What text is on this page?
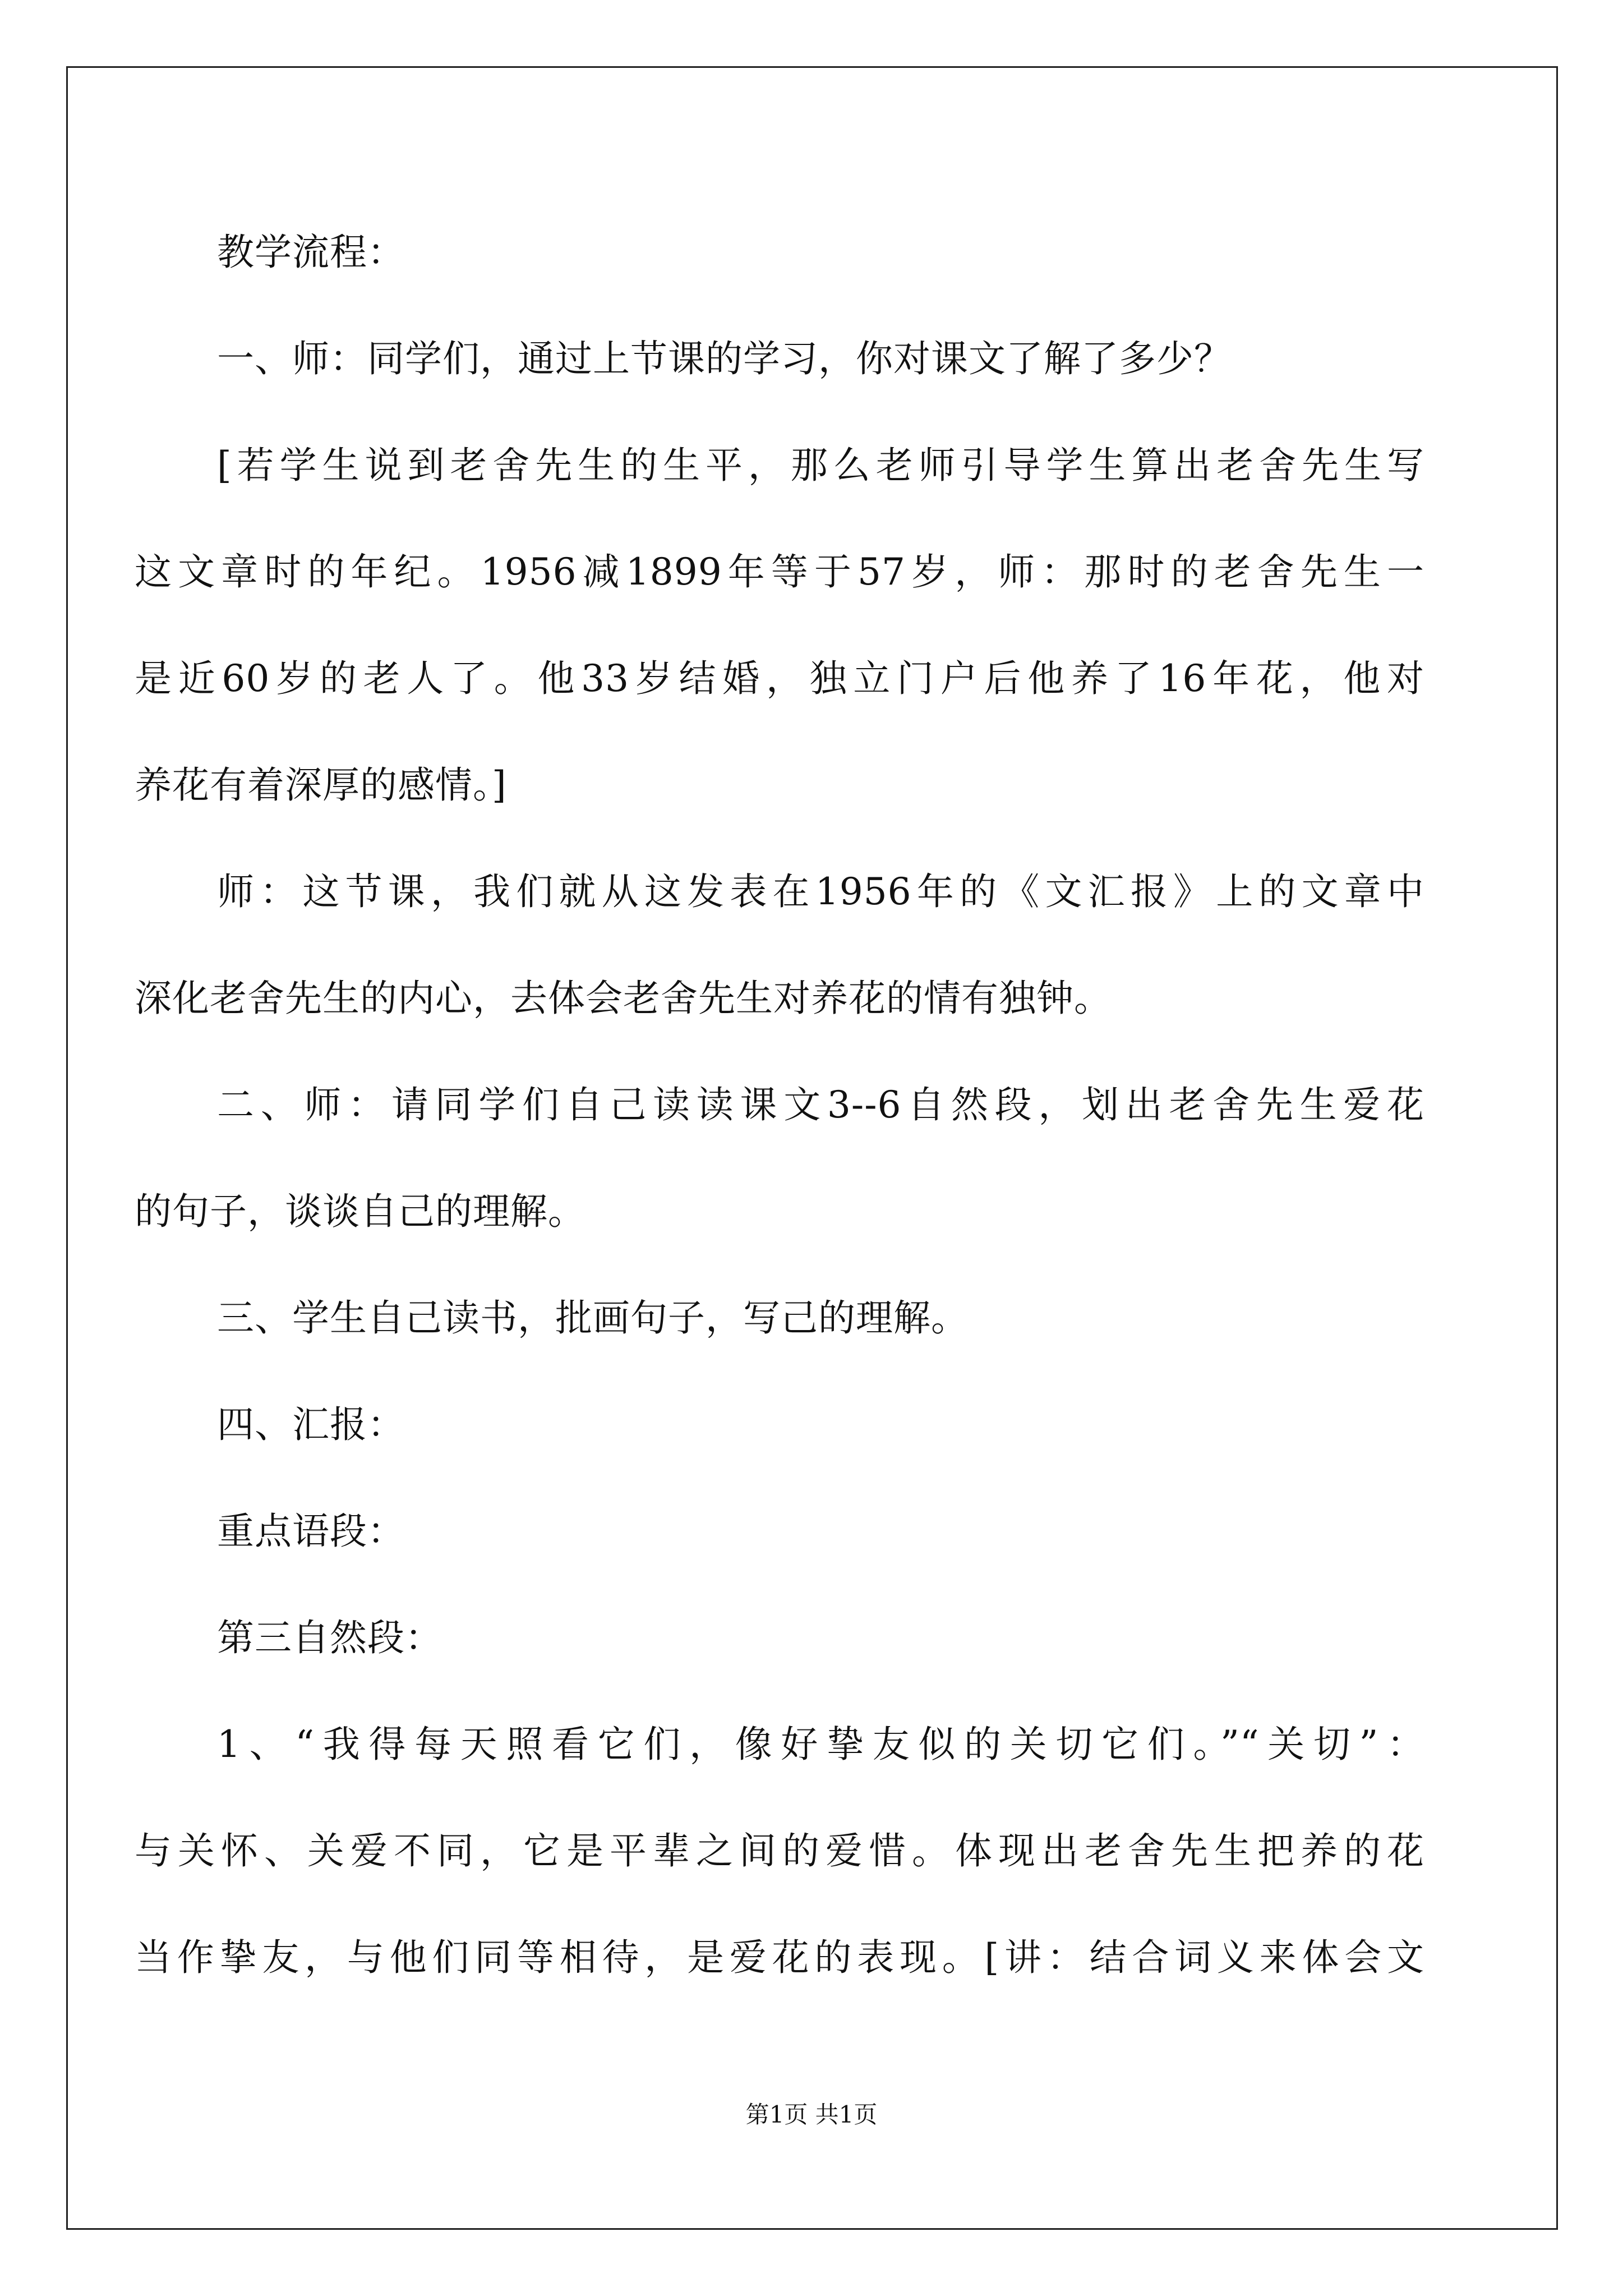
教学流程：
一、师：同学们，通过上节课的学习，你对课文了解了多少？
[若学生说到老舍先生的生平，那么老师引导学生算出老舍先生写
这文章时的年纪。1956减1899年等于57岁，师：那时的老舍先生一
是近60岁的老人了。他33岁结婚，独立门户后他养了16年花，他对
养花有着深厚的感情。]
师：这节课，我们就从这发表在1956年的《文汇报》上的文章中
深化老舍先生的内心，去体会老舍先生对养花的情有独钟。
二、师：请同学们自己读读课文3--6自然段，划出老舍先生爱花
的句子，谈谈自己的理解。
三、学生自己读书，批画句子，写己的理解。
四、汇报：
重点语段：
第三自然段：
1、“我得每天照看它们，像好挚友似的关切它们。”“关切”：
与关怀、关爱不同，它是平辈之间的爱惜。体现出老舍先生把养的花
当作挚友，与他们同等相待，是爱花的表现。[讲：结合词义来体会文
第1页 共1页
